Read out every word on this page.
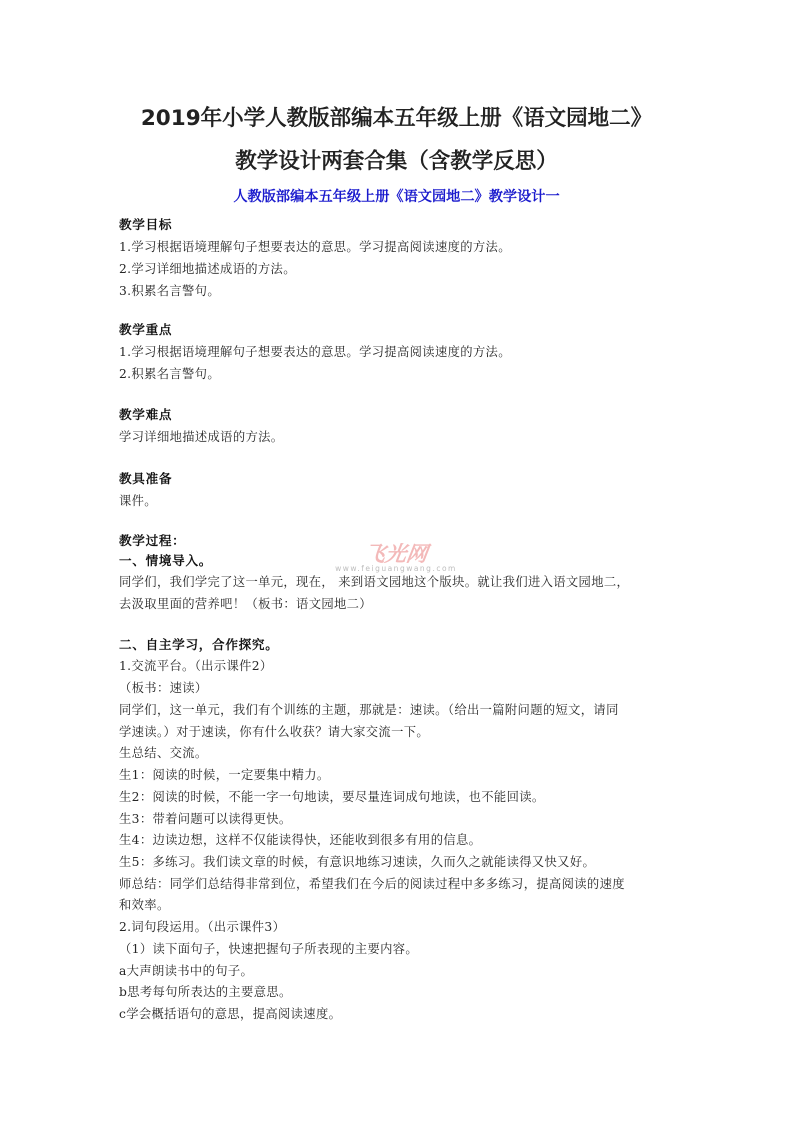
2019年小学人教版部编本五年级上册《语文园地二》
教学设计两套合集（含教学反思）
人教版部编本五年级上册《语文园地二》教学设计一
教学目标
1.学习根据语境理解句子想要表达的意思。学习提高阅读速度的方法。
2.学习详细地描述成语的方法。
3.积累名言警句。
教学重点
1.学习根据语境理解句子想要表达的意思。学习提高阅读速度的方法。
2.积累名言警句。
教学难点
学习详细地描述成语的方法。
教具准备
课件。
教学过程：
一、情境导入。
同学们，我们学完了这一单元，现在， 来到语文园地这个版块。就让我们进入语文园地二，
去汲取里面的营养吧！（板书：语文园地二）
二、自主学习，合作探究。
1.交流平台。（出示课件2）
（板书：速读）
同学们，这一单元，我们有个训练的主题，那就是：速读。（给出一篇附问题的短文，请同
学速读。）对于速读，你有什么收获？请大家交流一下。
生总结、交流。
生1：阅读的时候，一定要集中精力。
生2：阅读的时候，不能一字一句地读，要尽量连词成句地读，也不能回读。
生3：带着问题可以读得更快。
生4：边读边想，这样不仅能读得快，还能收到很多有用的信息。
生5：多练习。我们读文章的时候，有意识地练习速读，久而久之就能读得又快又好。
师总结：同学们总结得非常到位，希望我们在今后的阅读过程中多多练习，提高阅读的速度
和效率。
2.词句段运用。（出示课件3）
（1）读下面句子，快速把握句子所表现的主要内容。
a大声朗读书中的句子。
b思考每句所表达的主要意思。
c学会概括语句的意思，提高阅读速度。
飞光网
www.feiguangwang.com
